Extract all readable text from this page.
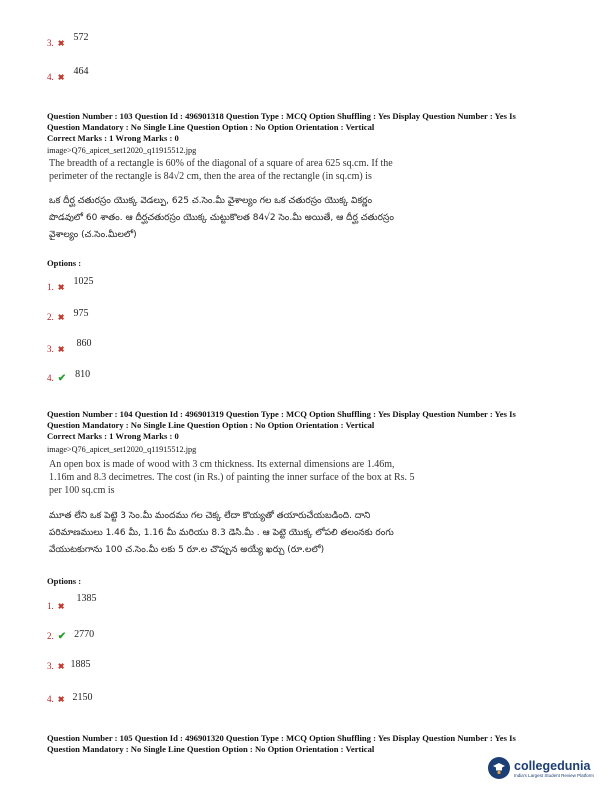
3. ✖ $^{572}$
4. ✖ $^{464}$
Question Number : 103 Question Id : 496901318 Question Type : MCQ Option Shuffling : Yes Display Question Number : Yes Is
Question Mandatory : No Single Line Question Option : No Option Orientation : Vertical
Correct Marks : 1 Wrong Marks : 0
image>Q76_apicet_set12020_q11915512.jpg
The breadth of a rectangle is 60% of the diagonal of a square of area 625 sq.cm. If the
perimeter of the rectangle is 84√2 cm, then the area of the rectangle (in sq.cm) is
ఒక దీర్ఘ చతురస్రం యొక్క వెడల్పు, 625 చ.సెం.మీ వైశాల్యం గల ఒక చతురస్రం యొక్క వికర్ణం
పొడవులో 60 శాతం. ఆ దీర్ఘచతురస్రం యొక్క చుట్టుకొలత 84√2 సెం.మీ అయితే, ఆ దీర్ఘ చతురస్రం
వైశాల్యం (చ.సెం.మీలలో)
Options :
1. ✖ $^{1025}$
2. ✖ $^{975}$
3. ✖ $^{860}$
4. ✔ $^{810}$
Question Number : 104 Question Id : 496901319 Question Type : MCQ Option Shuffling : Yes Display Question Number : Yes Is
Question Mandatory : No Single Line Question Option : No Option Orientation : Vertical
Correct Marks : 1 Wrong Marks : 0
image>Q76_apicet_set12020_q11915512.jpg
An open box is made of wood with 3 cm thickness. Its external dimensions are 1.46m,
1.16m and 8.3 decimetres. The cost (in Rs.) of painting the inner surface of the box at Rs. 5
per 100 sq.cm is
మూత లేని ఒక పెట్టె 3 సెం.మీ మందము గల చెక్క లేదా కొయ్యతో తయారుచేయబడింది. దాని
పరిమాణములు 1.46 మీ, 1.16 మీ మరియు 8.3 డెసి.మీ . ఆ పెట్టె యొక్క లోపలి తలంనకు రంగు
వేయుటకుగాను 100 చ.సెం.మీ లకు 5 రూ.ల చొప్పున అయ్యే ఖర్చు (రూ.లలో)
Options :
1. ✖ $^{1385}$
2. ✔ 2770
3. ✖ 1885
4. ✖ 2150
Question Number : 105 Question Id : 496901320 Question Type : MCQ Option Shuffling : Yes Display Question Number : Yes Is
Question Mandatory : No Single Line Question Option : No Option Orientation : Vertical
collegedunia
India's Largest Student Review Platform
